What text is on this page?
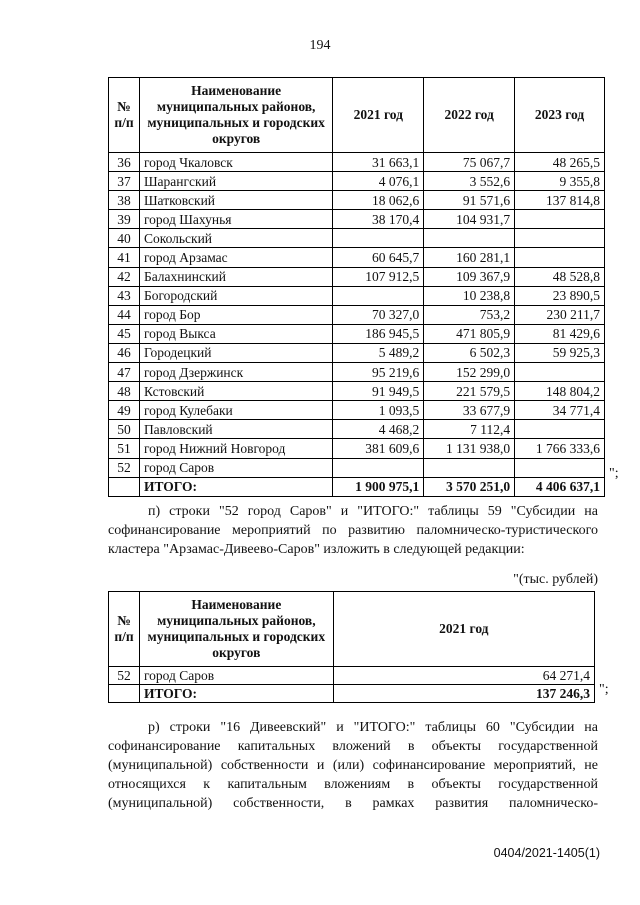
194
№ п/п	Наименование муниципальных районов, муниципальных и городских округов	2021 год	2022 год	2023 год
36	город Чкаловск	31 663,1	75 067,7	48 265,5
37	Шарангский	4 076,1	3 552,6	9 355,8
38	Шатковский	18 062,6	91 571,6	137 814,8
39	город Шахунья	38 170,4	104 931,7	
40	Сокольский			
41	город Арзамас	60 645,7	160 281,1	
42	Балахнинский	107 912,5	109 367,9	48 528,8
43	Богородский		10 238,8	23 890,5
44	город Бор	70 327,0	753,2	230 211,7
45	город Выкса	186 945,5	471 805,9	81 429,6
46	Городецкий	5 489,2	6 502,3	59 925,3
47	город Дзержинск	95 219,6	152 299,0	
48	Кстовский	91 949,5	221 579,5	148 804,2
49	город Кулебаки	1 093,5	33 677,9	34 771,4
50	Павловский	4 468,2	7 112,4	
51	город Нижний Новгород	381 609,6	1 131 938,0	1 766 333,6
52	город Саров			
	ИТОГО:	1 900 975,1	3 570 251,0	4 406 637,1
";

п) строки "52 город Саров" и "ИТОГО:" таблицы 59 "Субсидии на софинансирование мероприятий по развитию паломническо-туристического кластера "Арзамас-Дивеево-Саров" изложить в следующей редакции:

"(тыс. рублей)
№ п/п	Наименование муниципальных районов, муниципальных и городских округов	2021 год
52	город Саров	64 271,4
	ИТОГО:	137 246,3 ";

р) строки "16 Дивеевский" и "ИТОГО:" таблицы 60 "Субсидии на софинансирование капитальных вложений в объекты государственной (муниципальной) собственности и (или) софинансирование мероприятий, не относящихся к капитальным вложениям в объекты государственной (муниципальной) собственности, в рамках развития паломническо-

0404/2021-1405(1)
